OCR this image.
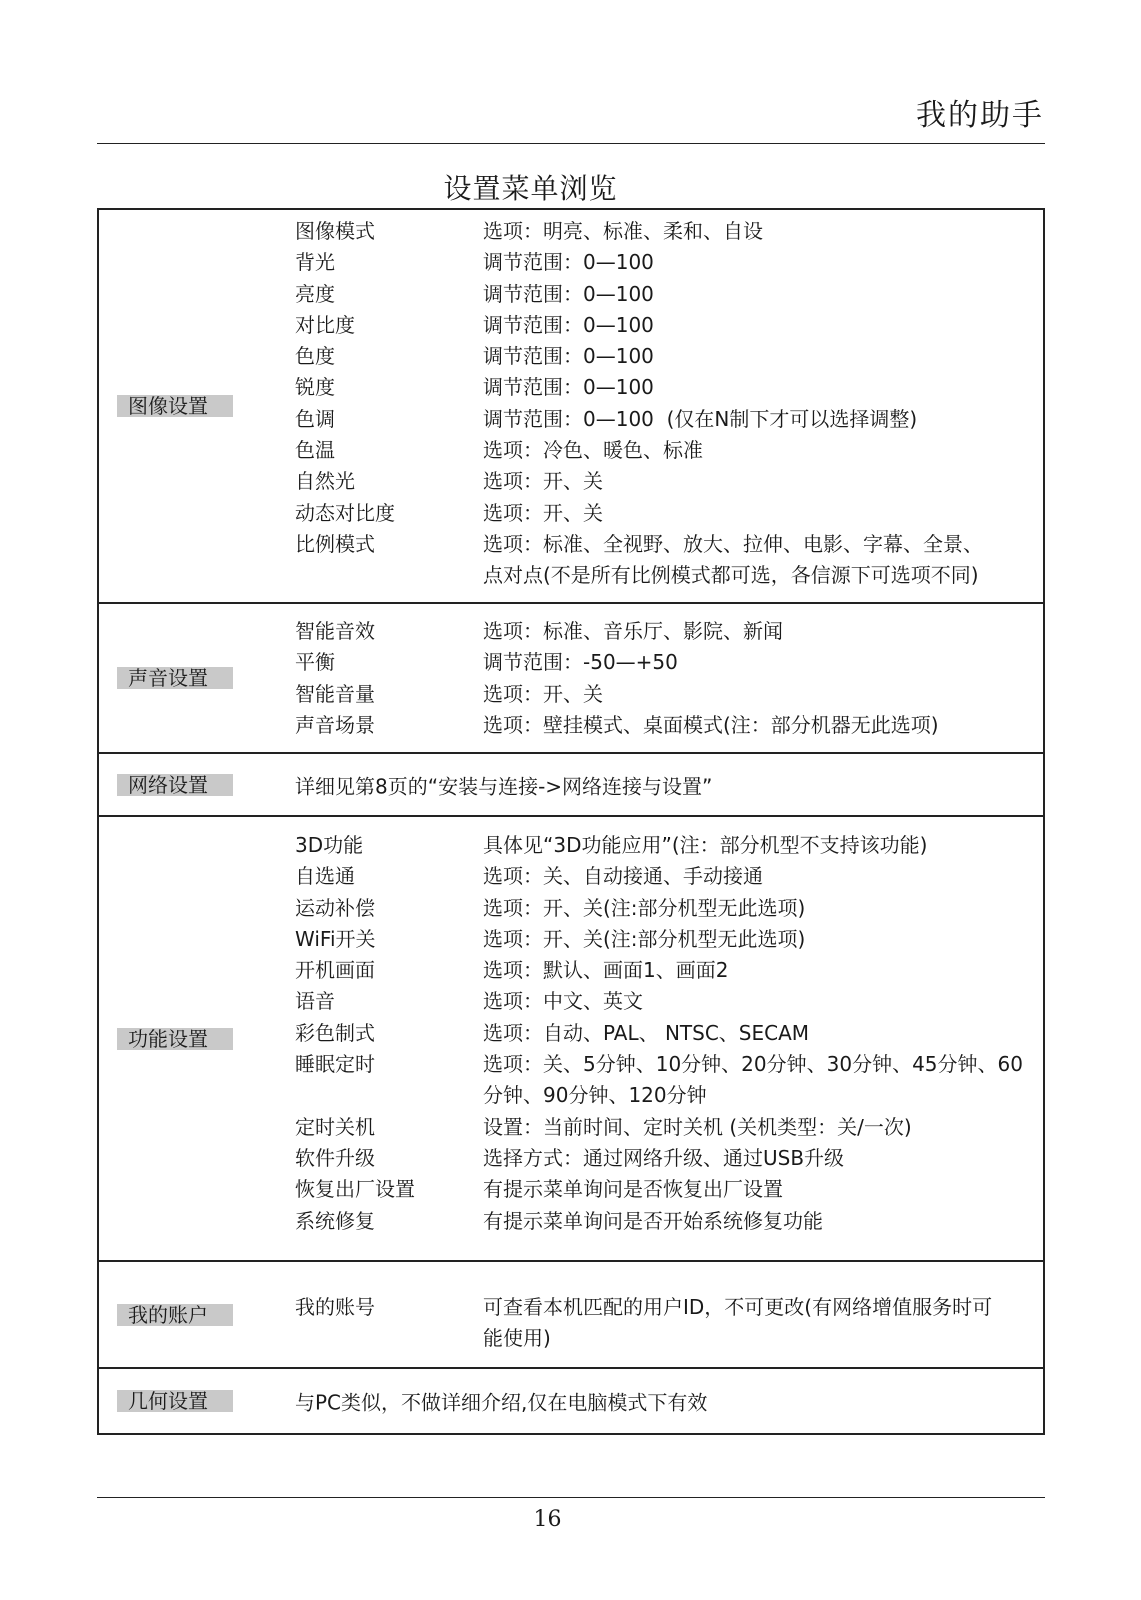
我的助手
设置菜单浏览
图像设置
图像模式	选项：明亮、标准、柔和、自设
背光	调节范围：0—100
亮度	调节范围：0—100
对比度	调节范围：0—100
色度	调节范围：0—100
锐度	调节范围：0—100
色调	调节范围：0—100  (仅在N制下才可以选择调整)
色温	选项：冷色、暖色、标准
自然光	选项：开、关
动态对比度	选项：开、关
比例模式	选项：标准、全视野、放大、拉伸、电影、字幕、全景、
点对点(不是所有比例模式都可选，各信源下可选项不同)
声音设置
智能音效	选项：标准、音乐厅、影院、新闻
平衡	调节范围：-50—+50
智能音量	选项：开、关
声音场景	选项：壁挂模式、桌面模式(注：部分机器无此选项)
网络设置	详细见第8页的“安装与连接->网络连接与设置”
功能设置
3D功能	具体见“3D功能应用”(注：部分机型不支持该功能)
自选通	选项：关、自动接通、手动接通
运动补偿	选项：开、关(注:部分机型无此选项)
WiFi开关	选项：开、关(注:部分机型无此选项)
开机画面	选项：默认、画面1、画面2
语音	选项：中文、英文
彩色制式	选项：自动、PAL、 NTSC、SECAM
睡眠定时	选项：关、5分钟、10分钟、20分钟、30分钟、45分钟、60
分钟、90分钟、120分钟
定时关机	设置：当前时间、定时关机 (关机类型：关/一次)
软件升级	选择方式：通过网络升级、通过USB升级
恢复出厂设置	有提示菜单询问是否恢复出厂设置
系统修复	有提示菜单询问是否开始系统修复功能
我的账户	我的账号	可查看本机匹配的用户ID，不可更改(有网络增值服务时可
能使用)
几何设置	与PC类似，不做详细介绍,仅在电脑模式下有效
16
